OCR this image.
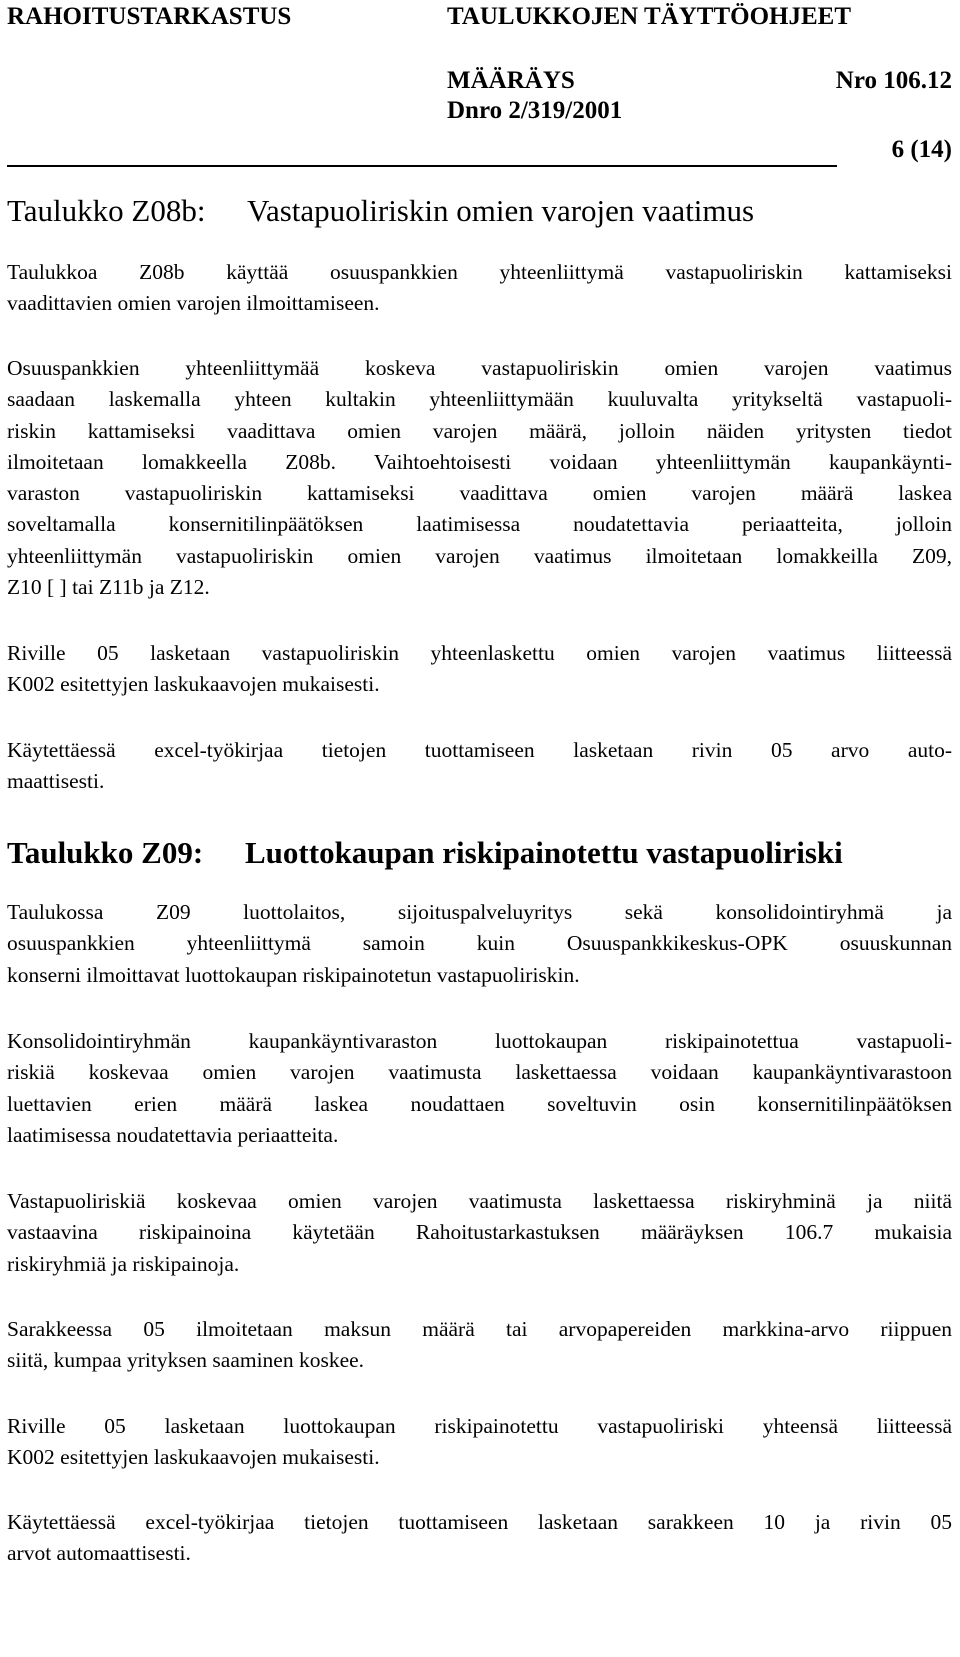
RAHOITUSTARKASTUS	TAULUKKOJEN TÄYTTÖOHJEET
MÄÄRÄYS	Nro 106.12
Dnro 2/319/2001
6 (14)
Taulukko Z08b: Vastapuoliriskin omien varojen vaatimus
Taulukkoa Z08b käyttää osuuspankkien yhteenliittymä vastapuoliriskin kattamiseksi
vaadittavien omien varojen ilmoittamiseen.
Osuuspankkien yhteenliittymää koskeva vastapuoliriskin omien varojen vaatimus
saadaan laskemalla yhteen kultakin yhteenliittymään kuuluvalta yritykseltä vastapuoli-
riskin kattamiseksi vaadittava omien varojen määrä, jolloin näiden yritysten tiedot
ilmoitetaan lomakkeella Z08b. Vaihtoehtoisesti voidaan yhteenliittymän kaupankäynti-
varaston vastapuoliriskin kattamiseksi vaadittava omien varojen määrä laskea
soveltamalla konsernitilinpäätöksen laatimisessa noudatettavia periaatteita, jolloin
yhteenliittymän vastapuoliriskin omien varojen vaatimus ilmoitetaan lomakkeilla Z09,
Z10 [ ] tai Z11b ja Z12.
Riville 05 lasketaan vastapuoliriskin yhteenlaskettu omien varojen vaatimus liitteessä
K002 esitettyjen laskukaavojen mukaisesti.
Käytettäessä excel-työkirjaa tietojen tuottamiseen lasketaan rivin 05 arvo auto-
maattisesti.
Taulukko Z09: Luottokaupan riskipainotettu vastapuoliriski
Taulukossa Z09 luottolaitos, sijoituspalveluyritys sekä konsolidointiryhmä ja
osuuspankkien yhteenliittymä samoin kuin Osuuspankkikeskus-OPK osuuskunnan
konserni ilmoittavat luottokaupan riskipainotetun vastapuoliriskin.
Konsolidointiryhmän kaupankäyntivaraston luottokaupan riskipainotettua vastapuoli-
riskiä koskevaa omien varojen vaatimusta laskettaessa voidaan kaupankäyntivarastoon
luettavien erien määrä laskea noudattaen soveltuvin osin konsernitilinpäätöksen
laatimisessa noudatettavia periaatteita.
Vastapuoliriskiä koskevaa omien varojen vaatimusta laskettaessa riskiryhminä ja niitä
vastaavina riskipainoina käytetään Rahoitustarkastuksen määräyksen 106.7 mukaisia
riskiryhmiä ja riskipainoja.
Sarakkeessa 05 ilmoitetaan maksun määrä tai arvopapereiden markkina-arvo riippuen
siitä, kumpaa yrityksen saaminen koskee.
Riville 05 lasketaan luottokaupan riskipainotettu vastapuoliriski yhteensä liitteessä
K002 esitettyjen laskukaavojen mukaisesti.
Käytettäessä excel-työkirjaa tietojen tuottamiseen lasketaan sarakkeen 10 ja rivin 05
arvot automaattisesti.
